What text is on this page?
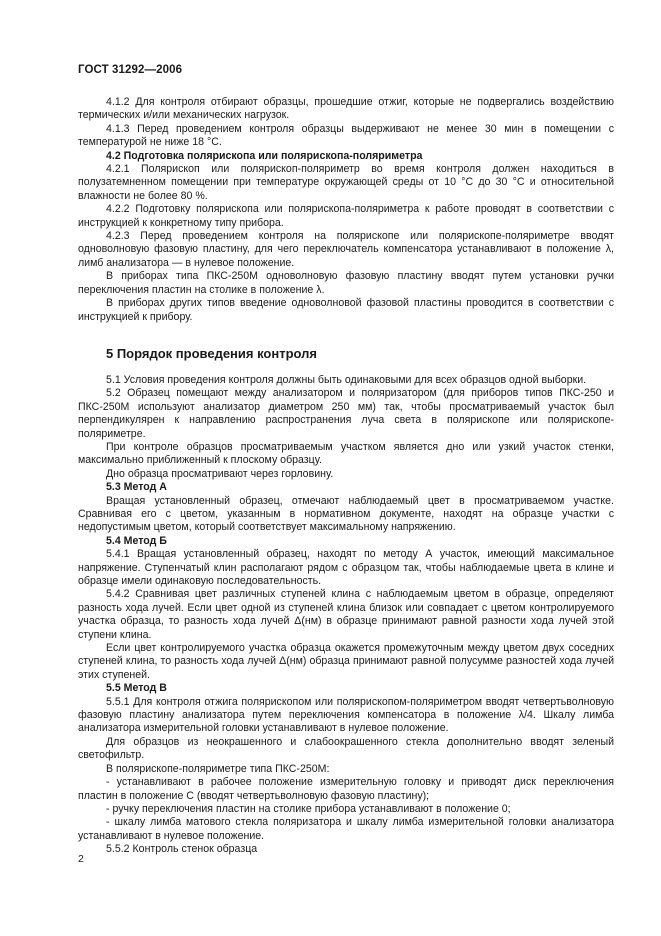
ГОСТ 31292—2006

4.1.2 Для контроля отбирают образцы, прошедшие отжиг, которые не подвергались воздействию термических и/или механических нагрузок.

4.1.3 Перед проведением контроля образцы выдерживают не менее 30 мин в помещении с температурой не ниже 18 °С.

4.2 Подготовка полярископа или полярископа-поляриметра

4.2.1 Полярископ или полярископ-поляриметр во время контроля должен находиться в полузатемненном помещении при температуре окружающей среды от 10 °С до 30 °С и относительной влажности не более 80 %.

4.2.2 Подготовку полярископа или полярископа-поляриметра к работе проводят в соответствии с инструкцией к конкретному типу прибора.

4.2.3 Перед проведением контроля на полярископе или полярископе-поляриметре вводят одноволновую фазовую пластину, для чего переключатель компенсатора устанавливают в положение λ, лимб анализатора — в нулевое положение.

В приборах типа ПКС-250М одноволновую фазовую пластину вводят путем установки ручки переключения пластин на столике в положение λ.

В приборах других типов введение одноволновой фазовой пластины проводится в соответствии с инструкцией к прибору.

5 Порядок проведения контроля

5.1 Условия проведения контроля должны быть одинаковыми для всех образцов одной выборки.

5.2 Образец помещают между анализатором и поляризатором (для приборов типов ПКС-250 и ПКС-250М используют анализатор диаметром 250 мм) так, чтобы просматриваемый участок был перпендикулярен к направлению распространения луча света в полярископе или полярископе-поляриметре.

При контроле образцов просматриваемым участком является дно или узкий участок стенки, максимально приближенный к плоскому образцу.

Дно образца просматривают через горловину.

5.3 Метод А

Вращая установленный образец, отмечают наблюдаемый цвет в просматриваемом участке. Сравнивая его с цветом, указанным в нормативном документе, находят на образце участки с недопустимым цветом, который соответствует максимальному напряжению.

5.4 Метод Б

5.4.1 Вращая установленный образец, находят по методу А участок, имеющий максимальное напряжение. Ступенчатый клин располагают рядом с образцом так, чтобы наблюдаемые цвета в клине и образце имели одинаковую последовательность.

5.4.2 Сравнивая цвет различных ступеней клина с наблюдаемым цветом в образце, определяют разность хода лучей. Если цвет одной из ступеней клина близок или совпадает с цветом контролируемого участка образца, то разность хода лучей Δ(нм) в образце принимают равной разности хода лучей этой ступени клина.

Если цвет контролируемого участка образца окажется промежуточным между цветом двух соседних ступеней клина, то разность хода лучей Δ(нм) образца принимают равной полусумме разностей хода лучей этих ступеней.

5.5 Метод В

5.5.1 Для контроля отжига полярископом или полярископом-поляриметром вводят четвертьволновую фазовую пластину анализатора путем переключения компенсатора в положение λ/4. Шкалу лимба анализатора измерительной головки устанавливают в нулевое положение.

Для образцов из неокрашенного и слабоокрашенного стекла дополнительно вводят зеленый светофильтр.

В полярископе-поляриметре типа ПКС-250М:

- устанавливают в рабочее положение измерительную головку и приводят диск переключения пластин в положение С (вводят четвертьволновую фазовую пластину);

- ручку переключения пластин на столике прибора устанавливают в положение 0;

- шкалу лимба матового стекла поляризатора и шкалу лимба измерительной головки анализатора устанавливают в нулевое положение.

5.5.2 Контроль стенок образца

2
